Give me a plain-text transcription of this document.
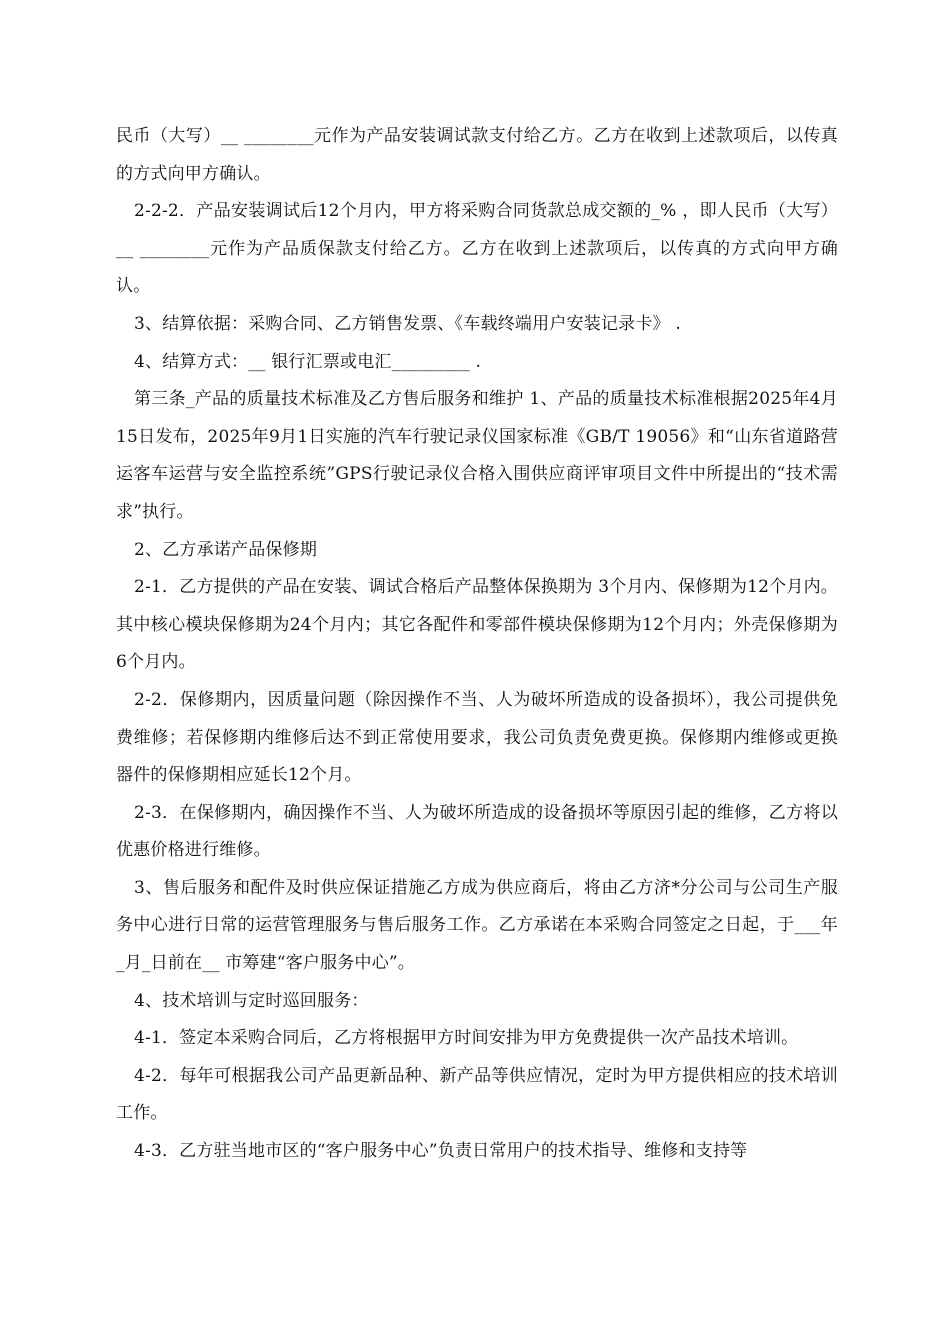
民币（大写）__ ________元作为产品安装调试款支付给乙方。乙方在收到上述款项后，以传真的方式向甲方确认。

2-2-2．产品安装调试后12个月内，甲方将采购合同货款总成交额的_% ，即人民币（大写）__ ________元作为产品质保款支付给乙方。乙方在收到上述款项后，以传真的方式向甲方确认。

3、结算依据：采购合同、乙方销售发票、《车载终端用户安装记录卡》 .

4、结算方式：__ 银行汇票或电汇_________ .

第三条_产品的质量技术标准及乙方售后服务和维护 1、产品的质量技术标准根据2025年4月15日发布，2025年9月1日实施的汽车行驶记录仪国家标准《GB/T 19056》和“山东省道路营运客车运营与安全监控系统”GPS行驶记录仪合格入围供应商评审项目文件中所提出的“技术需求”执行。

2、乙方承诺产品保修期

2-1．乙方提供的产品在安装、调试合格后产品整体保换期为 3个月内、保修期为12个月内。其中核心模块保修期为24个月内；其它各配件和零部件模块保修期为12个月内；外壳保修期为6个月内。

2-2．保修期内，因质量问题（除因操作不当、人为破坏所造成的设备损坏），我公司提供免费维修；若保修期内维修后达不到正常使用要求，我公司负责免费更换。保修期内维修或更换器件的保修期相应延长12个月。

2-3．在保修期内，确因操作不当、人为破坏所造成的设备损坏等原因引起的维修，乙方将以优惠价格进行维修。

3、售后服务和配件及时供应保证措施乙方成为供应商后，将由乙方济*分公司与公司生产服务中心进行日常的运营管理服务与售后服务工作。乙方承诺在本采购合同签定之日起，于___年_月_日前在__ 市筹建“客户服务中心”。

4、技术培训与定时巡回服务：

4-1．签定本采购合同后，乙方将根据甲方时间安排为甲方免费提供一次产品技术培训。

4-2．每年可根据我公司产品更新品种、新产品等供应情况，定时为甲方提供相应的技术培训工作。

4-3．乙方驻当地市区的“客户服务中心”负责日常用户的技术指导、维修和支持等
